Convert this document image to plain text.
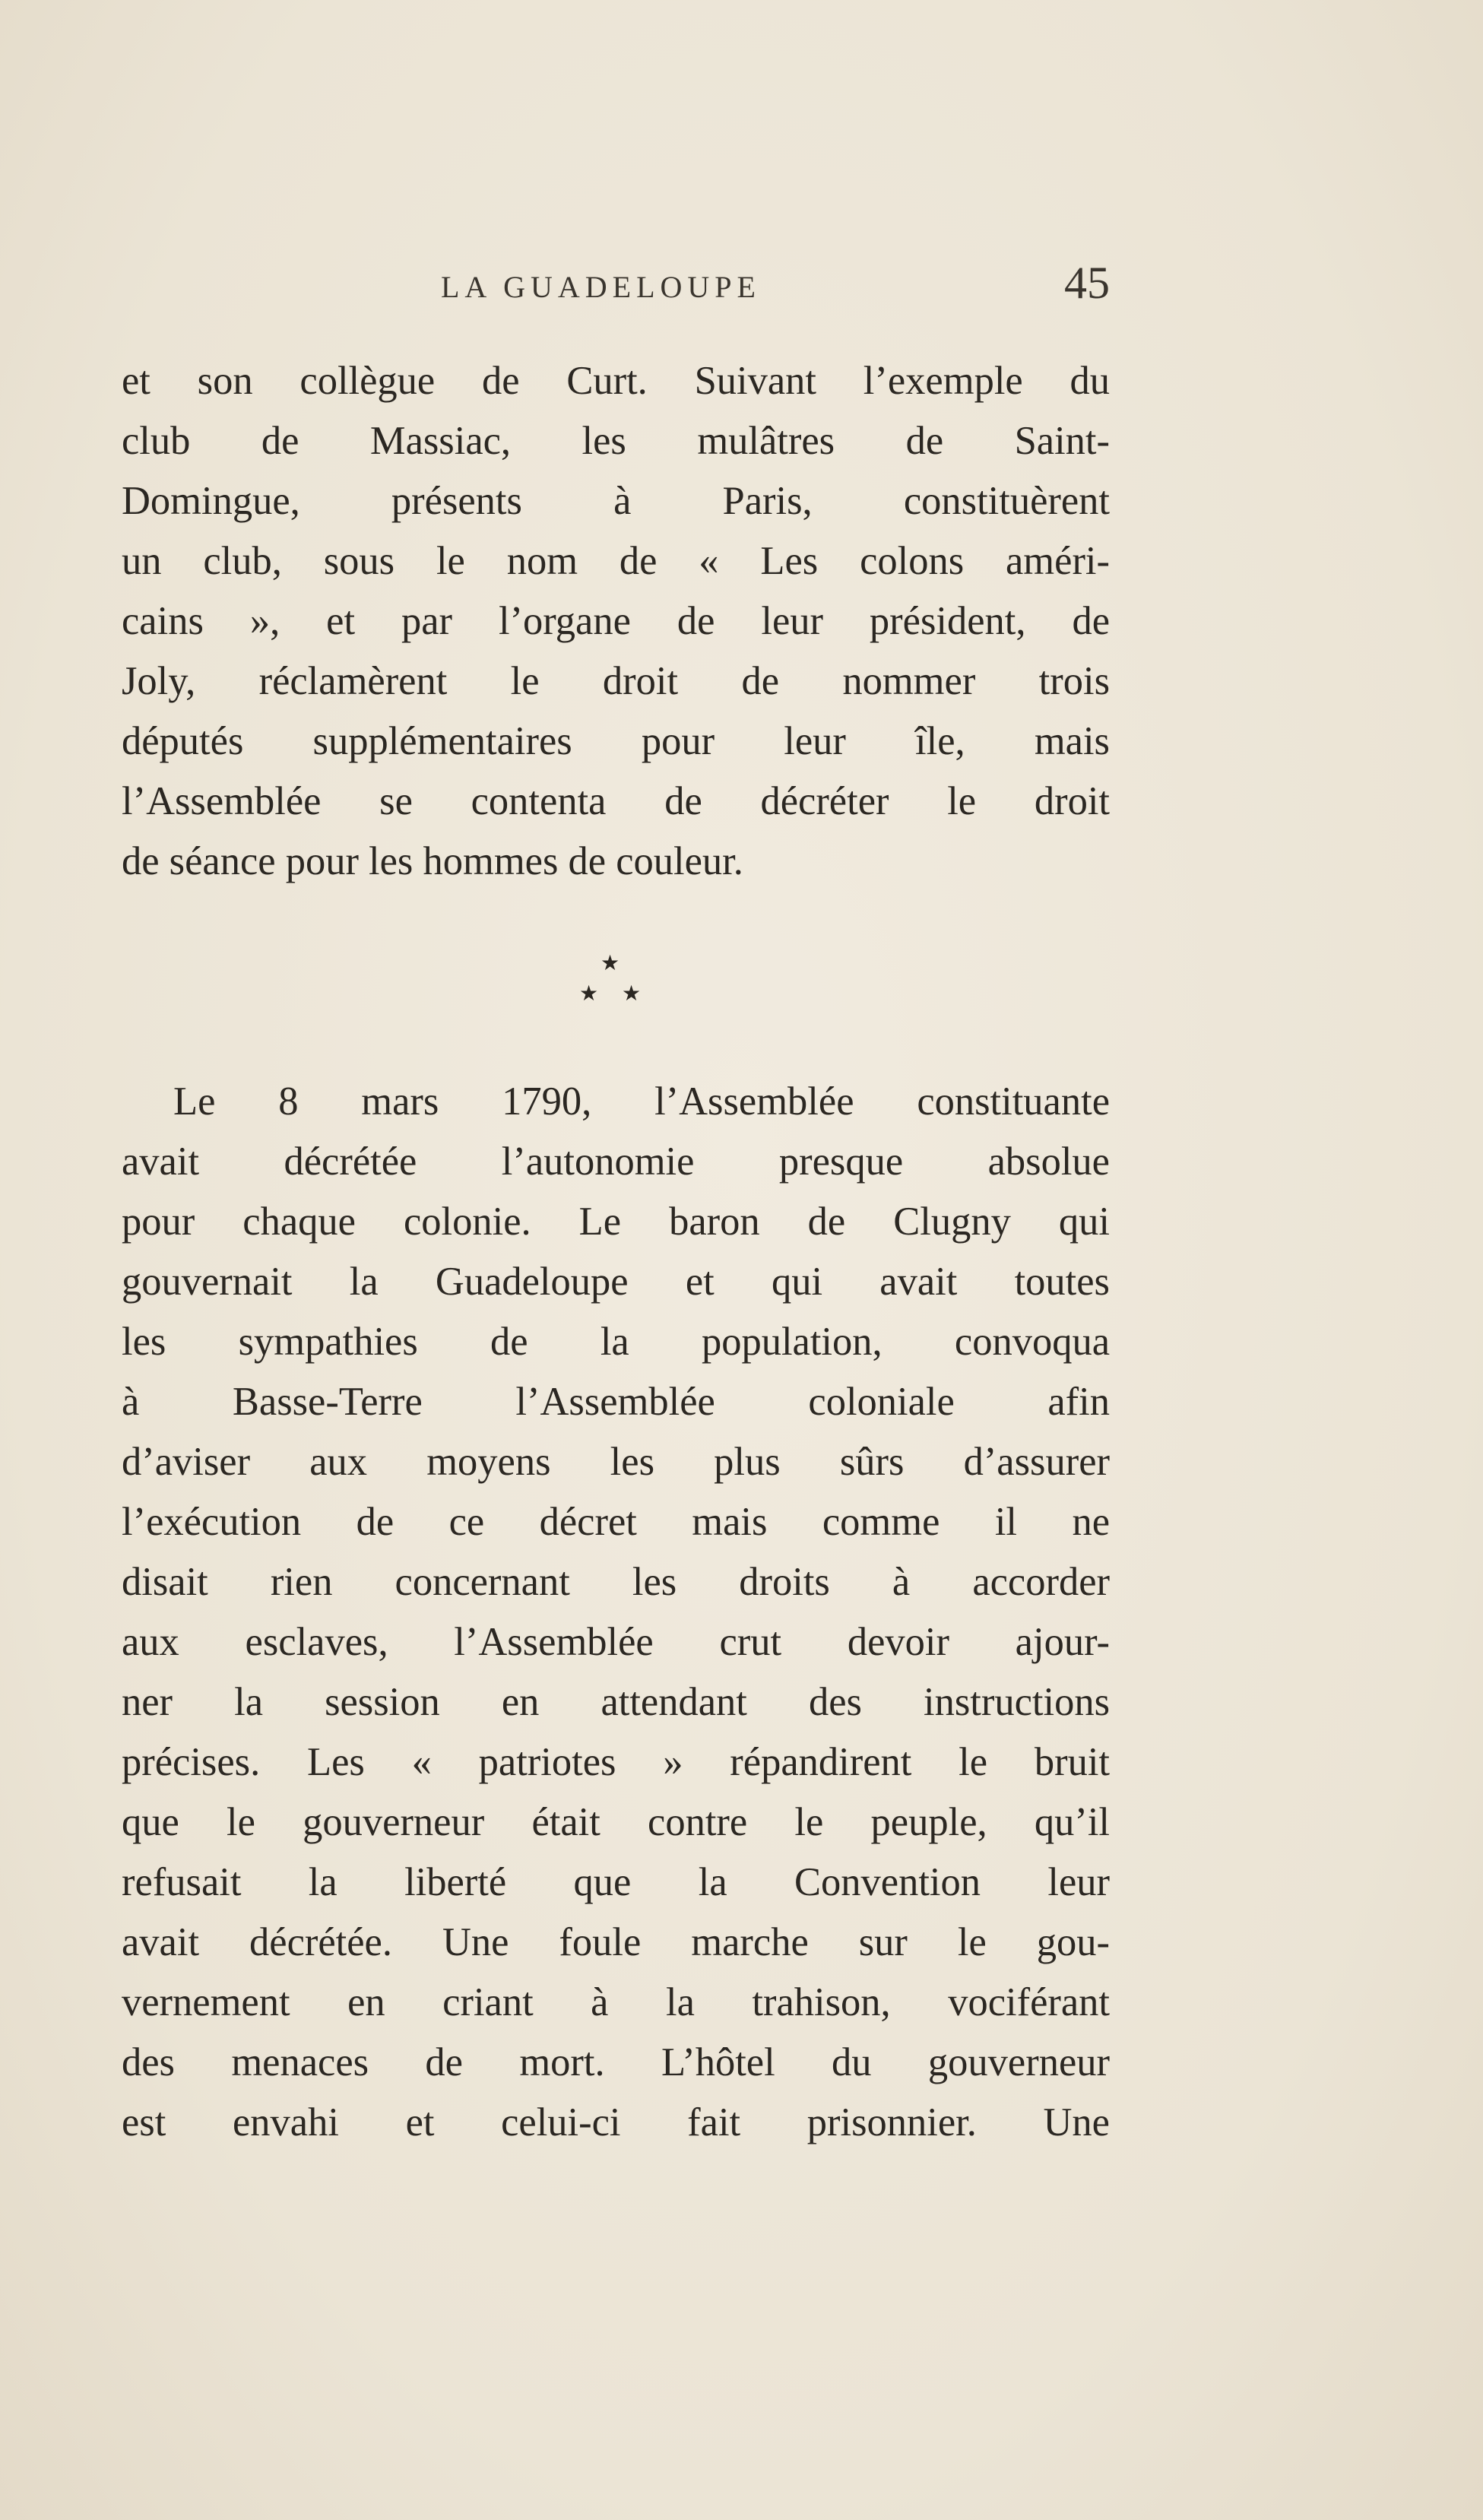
LA GUADELOUPE	45
et son collègue de Curt. Suivant l’exemple du
club de Massiac, les mulâtres de Saint-
Domingue, présents à Paris, constituèrent
un club, sous le nom de « Les colons améri-
cains », et par l’organe de leur président, de
Joly, réclamèrent le droit de nommer trois
députés supplémentaires pour leur île, mais
l’Assemblée se contenta de décréter le droit
de séance pour les hommes de couleur.
★
★ ★
Le 8 mars 1790, l’Assemblée constituante
avait décrétée l’autonomie presque absolue
pour chaque colonie. Le baron de Clugny qui
gouvernait la Guadeloupe et qui avait toutes
les sympathies de la population, convoqua
à Basse-Terre l’Assemblée coloniale afin
d’aviser aux moyens les plus sûrs d’assurer
l’exécution de ce décret mais comme il ne
disait rien concernant les droits à accorder
aux esclaves, l’Assemblée crut devoir ajour-
ner la session en attendant des instructions
précises. Les « patriotes » répandirent le bruit
que le gouverneur était contre le peuple, qu’il
refusait la liberté que la Convention leur
avait décrétée. Une foule marche sur le gou-
vernement en criant à la trahison, vociférant
des menaces de mort. L’hôtel du gouverneur
est envahi et celui-ci fait prisonnier. Une
